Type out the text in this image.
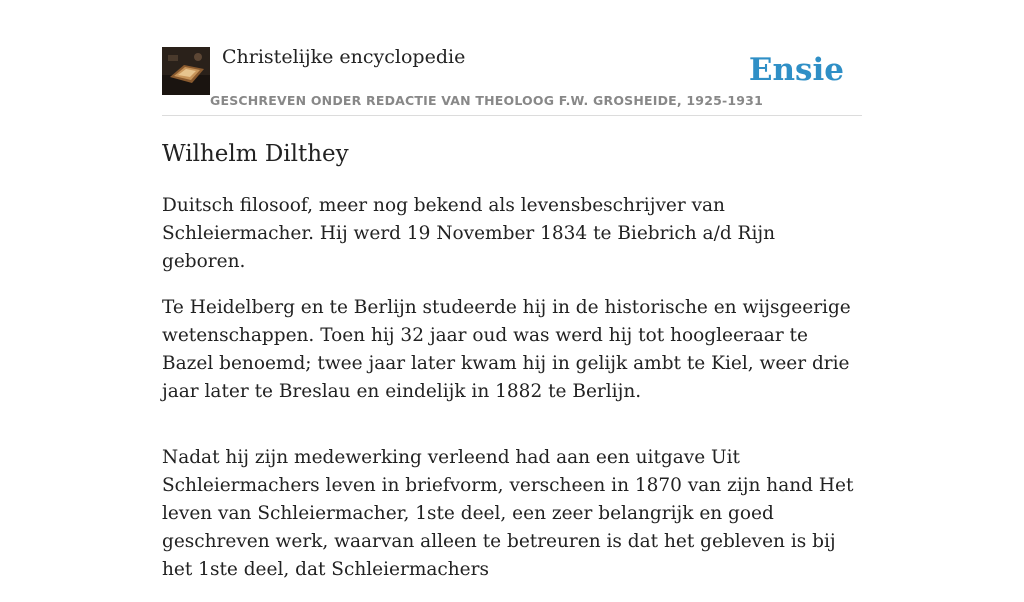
Christelijke encyclopedie
GESCHREVEN ONDER REDACTIE VAN THEOLOOG F.W. GROSHEIDE, 1925-1931
Ensie
Wilhelm Dilthey

Duitsch filosoof, meer nog bekend als levensbeschrijver van Schleiermacher. Hij werd 19 November 1834 te Biebrich a/d Rijn geboren.

Te Heidelberg en te Berlijn studeerde hij in de historische en wijsgeerige wetenschappen. Toen hij 32 jaar oud was werd hij tot hoogleeraar te Bazel benoemd; twee jaar later kwam hij in gelijk ambt te Kiel, weer drie jaar later te Breslau en eindelijk in 1882 te Berlijn.

Nadat hij zijn medewerking verleend had aan een uitgave Uit Schleiermachers leven in briefvorm, verscheen in 1870 van zijn hand Het leven van Schleiermacher, 1ste deel, een zeer belangrijk en goed geschreven werk, waarvan alleen te betreuren is dat het gebleven is bij het 1ste deel, dat Schleiermachers
